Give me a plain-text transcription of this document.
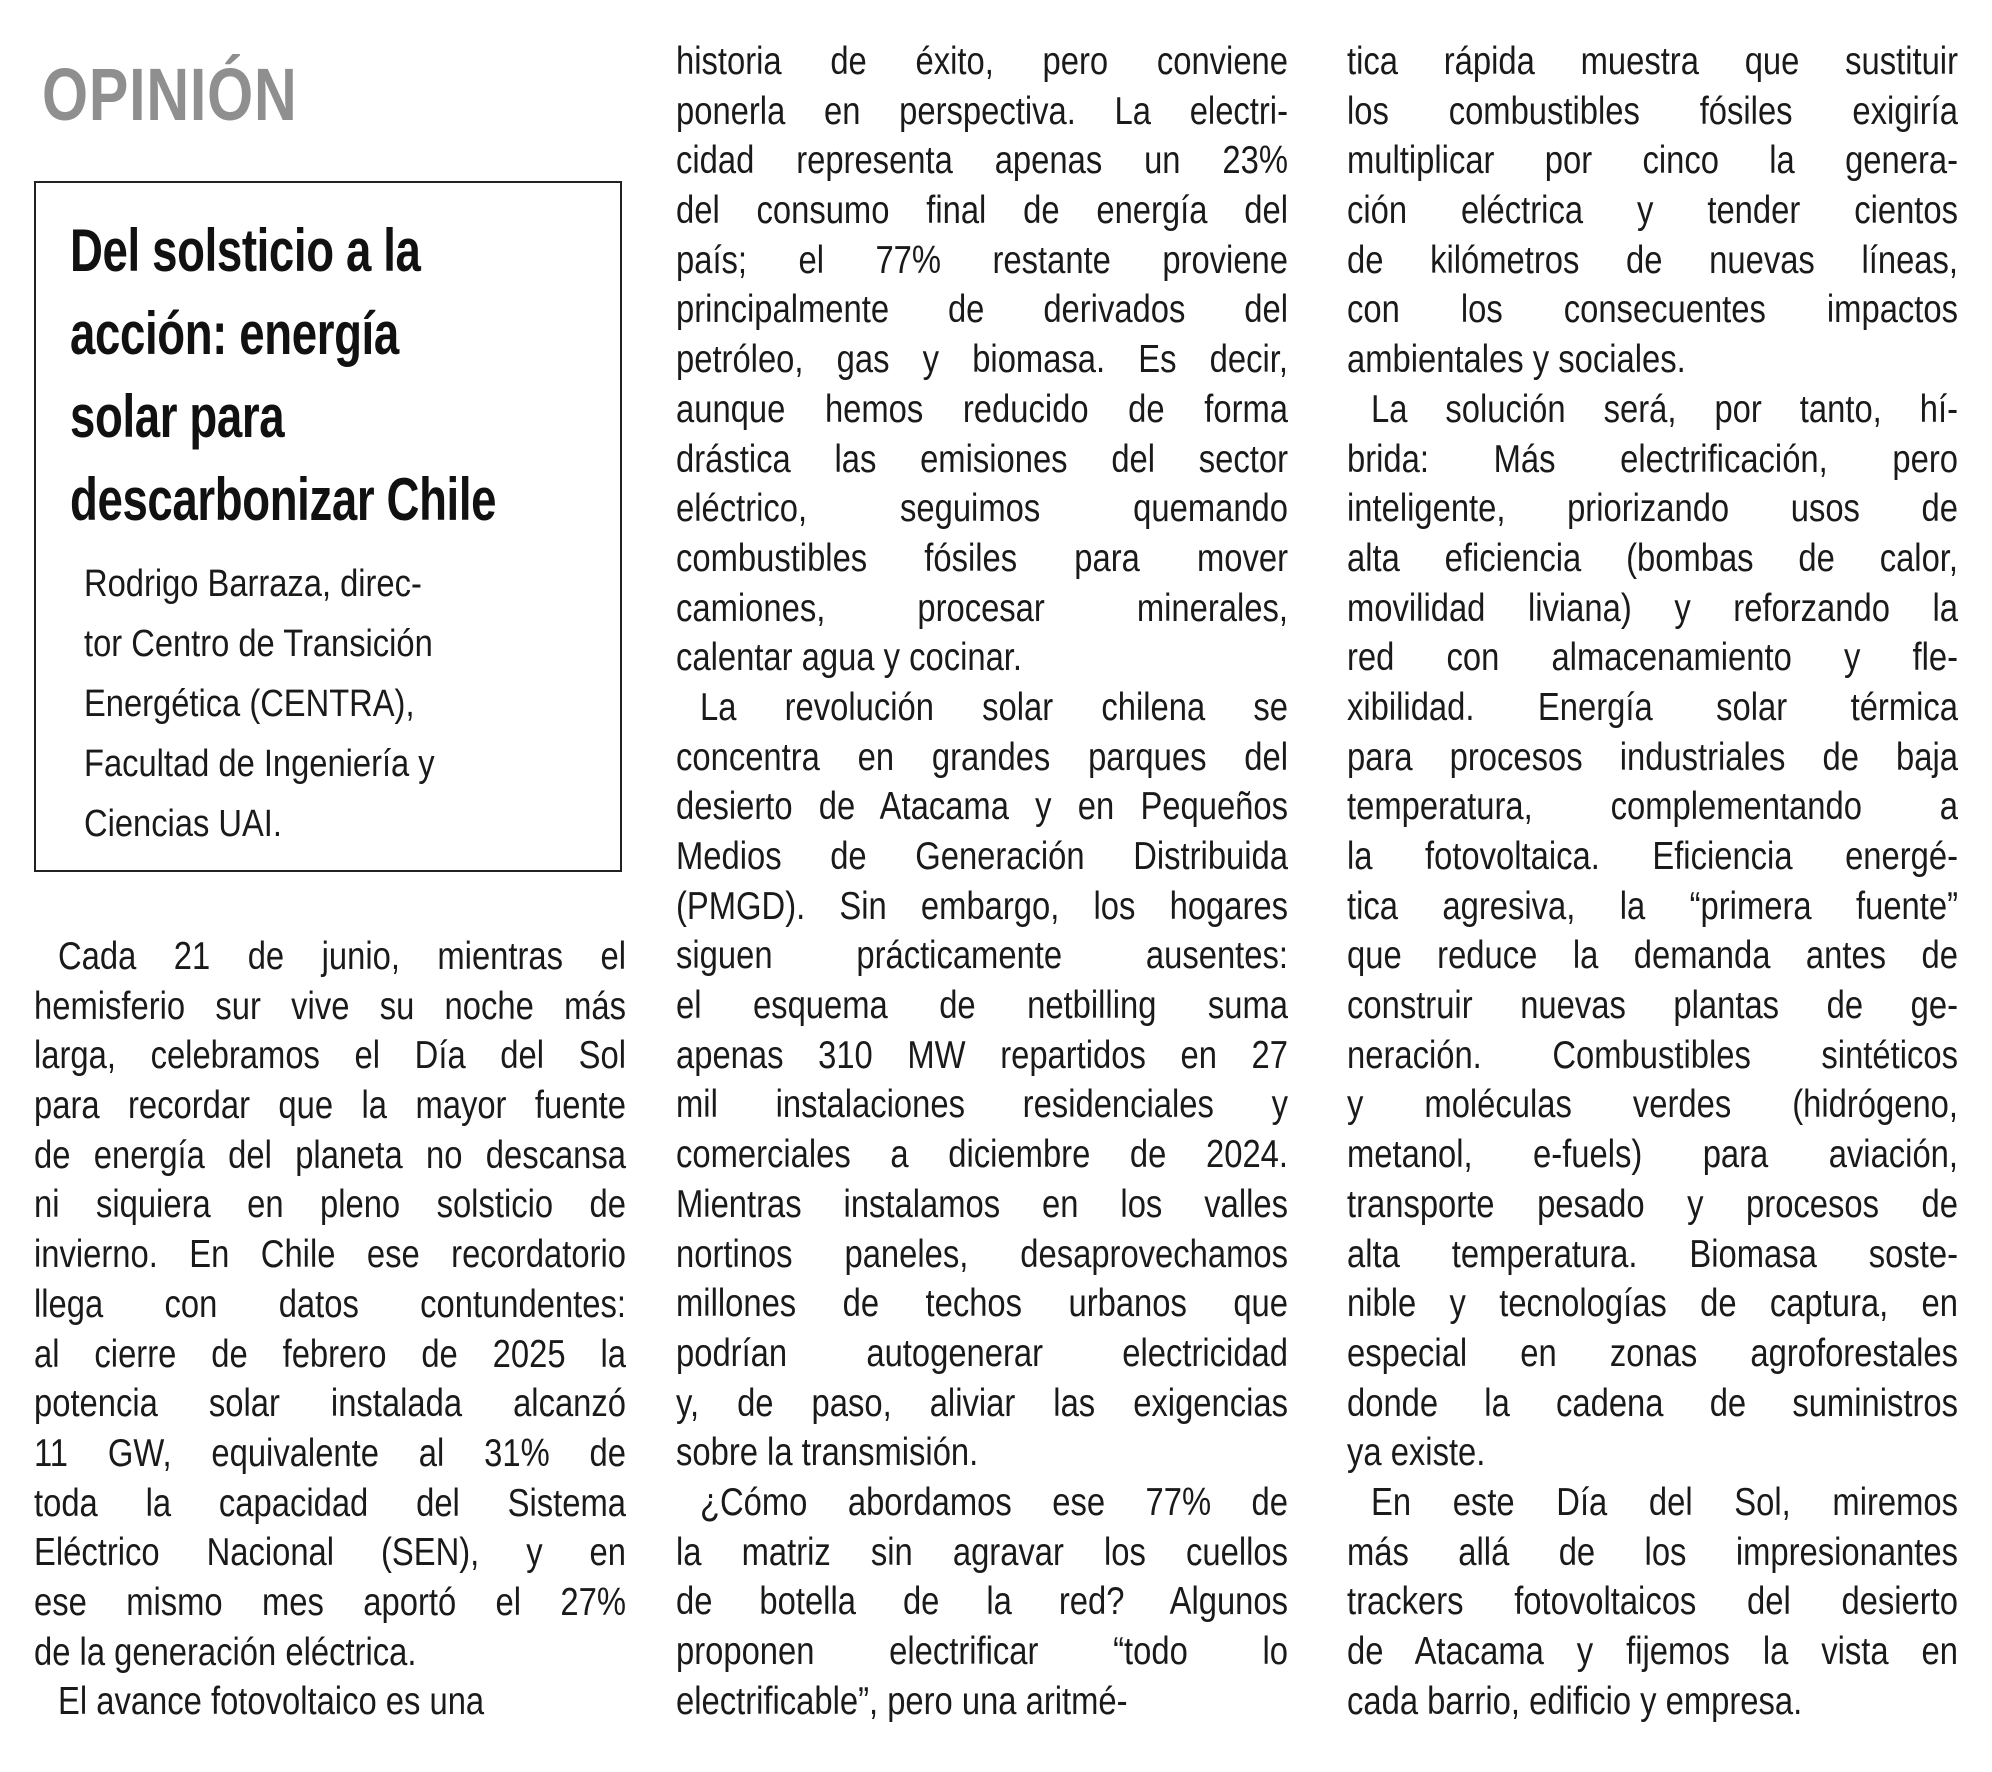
OPINIÓN
Del solsticio a la
acción: energía
solar para
descarbonizar Chile
Rodrigo Barraza, direc-
tor Centro de Transición
Energética (CENTRA),
Facultad de Ingeniería y
Ciencias UAI.
Cada 21 de junio, mientras el
hemisferio sur vive su noche más
larga, celebramos el Día del Sol
para recordar que la mayor fuente
de energía del planeta no descansa
ni siquiera en pleno solsticio de
invierno. En Chile ese recordatorio
llega con datos contundentes:
al cierre de febrero de 2025 la
potencia solar instalada alcanzó
11 GW, equivalente al 31% de
toda la capacidad del Sistema
Eléctrico Nacional (SEN), y en
ese mismo mes aportó el 27%
de la generación eléctrica.
El avance fotovoltaico es una
historia de éxito, pero conviene
ponerla en perspectiva. La electri-
cidad representa apenas un 23%
del consumo final de energía del
país; el 77% restante proviene
principalmente de derivados del
petróleo, gas y biomasa. Es decir,
aunque hemos reducido de forma
drástica las emisiones del sector
eléctrico, seguimos quemando
combustibles fósiles para mover
camiones, procesar minerales,
calentar agua y cocinar.
La revolución solar chilena se
concentra en grandes parques del
desierto de Atacama y en Pequeños
Medios de Generación Distribuida
(PMGD). Sin embargo, los hogares
siguen prácticamente ausentes:
el esquema de netbilling suma
apenas 310 MW repartidos en 27
mil instalaciones residenciales y
comerciales a diciembre de 2024.
Mientras instalamos en los valles
nortinos paneles, desaprovechamos
millones de techos urbanos que
podrían autogenerar electricidad
y, de paso, aliviar las exigencias
sobre la transmisión.
¿Cómo abordamos ese 77% de
la matriz sin agravar los cuellos
de botella de la red? Algunos
proponen electrificar “todo lo
electrificable”, pero una aritmé-
tica rápida muestra que sustituir
los combustibles fósiles exigiría
multiplicar por cinco la genera-
ción eléctrica y tender cientos
de kilómetros de nuevas líneas,
con los consecuentes impactos
ambientales y sociales.
La solución será, por tanto, hí-
brida: Más electrificación, pero
inteligente, priorizando usos de
alta eficiencia (bombas de calor,
movilidad liviana) y reforzando la
red con almacenamiento y fle-
xibilidad. Energía solar térmica
para procesos industriales de baja
temperatura, complementando a
la fotovoltaica. Eficiencia energé-
tica agresiva, la “primera fuente”
que reduce la demanda antes de
construir nuevas plantas de ge-
neración. Combustibles sintéticos
y moléculas verdes (hidrógeno,
metanol, e-fuels) para aviación,
transporte pesado y procesos de
alta temperatura. Biomasa soste-
nible y tecnologías de captura, en
especial en zonas agroforestales
donde la cadena de suministros
ya existe.
En este Día del Sol, miremos
más allá de los impresionantes
trackers fotovoltaicos del desierto
de Atacama y fijemos la vista en
cada barrio, edificio y empresa.
